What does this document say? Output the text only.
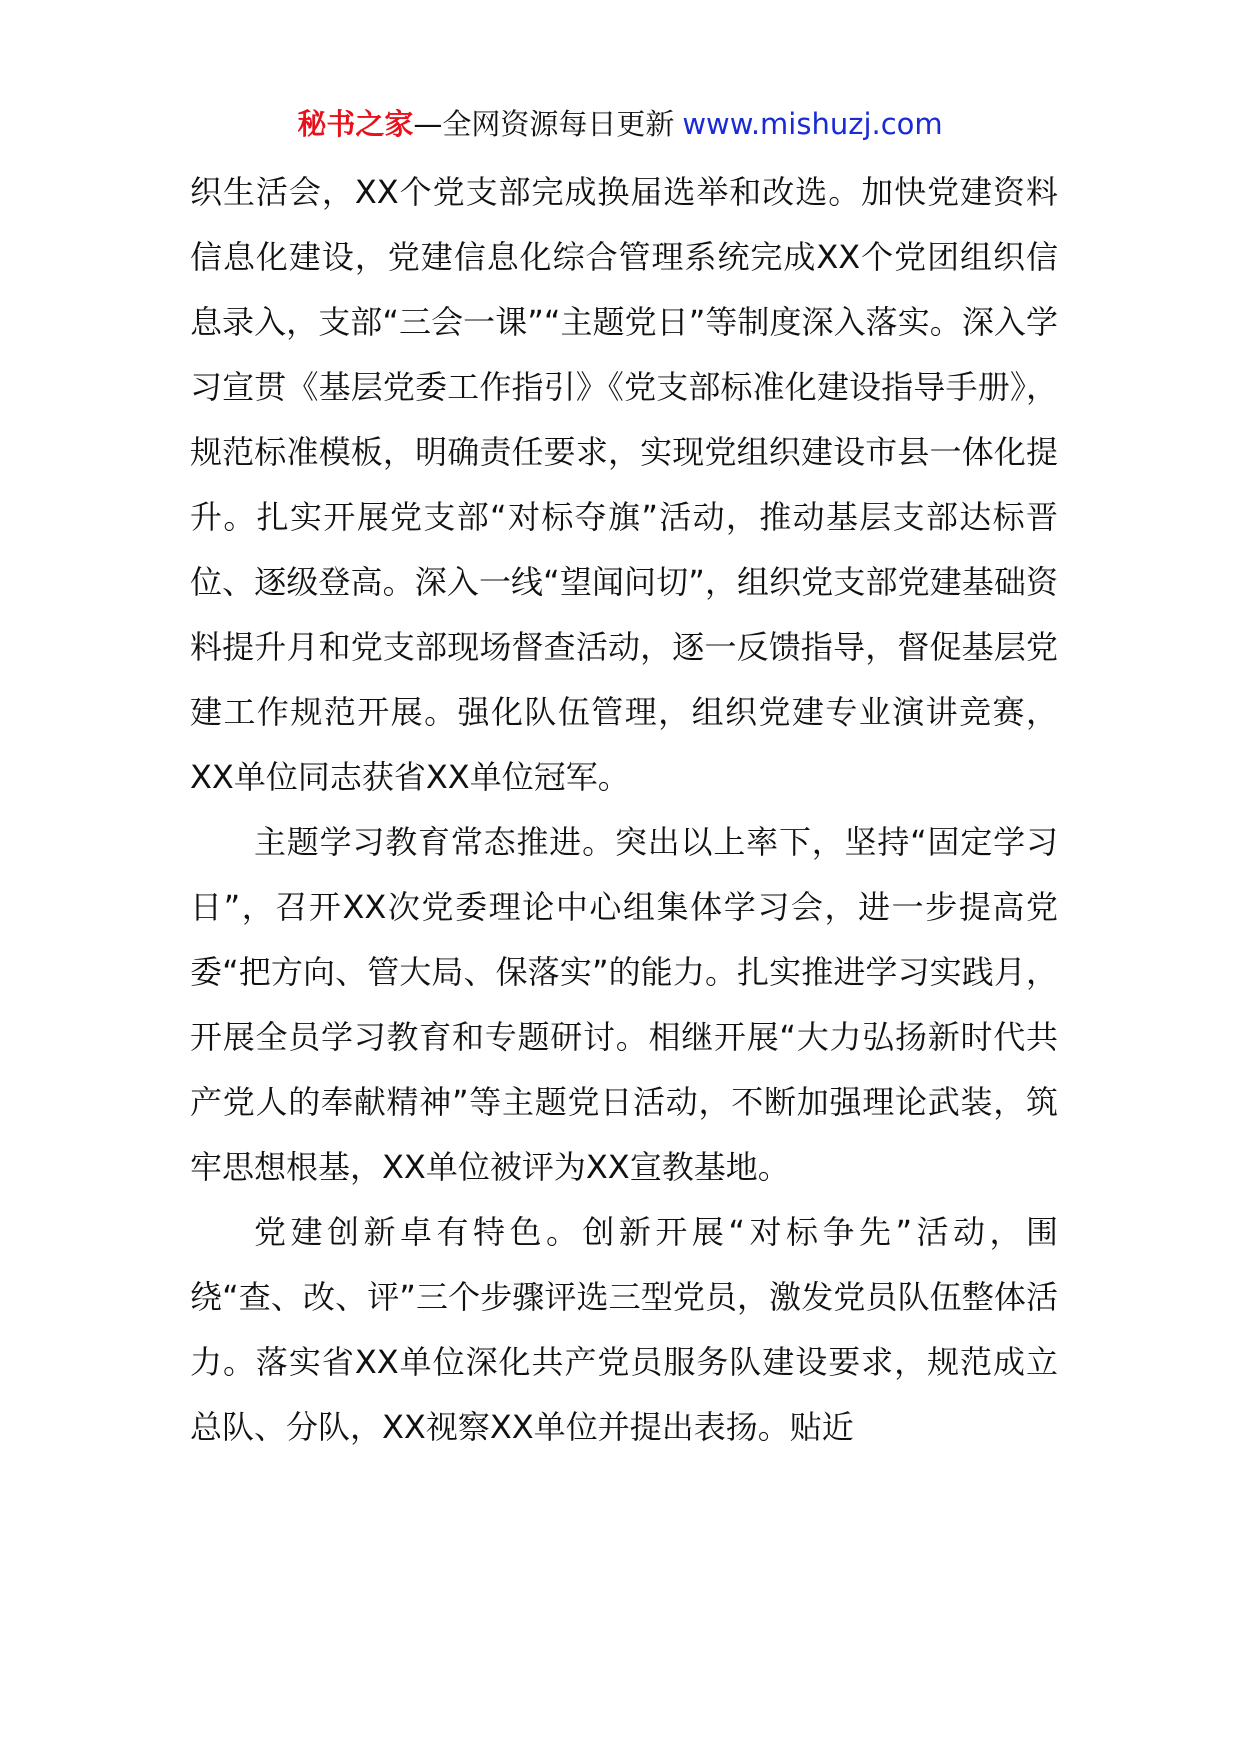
秘书之家—全网资源每日更新 www.mishuzj.com

织生活会，XX个党支部完成换届选举和改选。加快党建资料信息化建设，党建信息化综合管理系统完成XX个党团组织信息录入，支部“三会一课”“主题党日”等制度深入落实。深入学习宣贯《基层党委工作指引》《党支部标准化建设指导手册》，规范标准模板，明确责任要求，实现党组织建设市县一体化提升。扎实开展党支部“对标夺旗”活动，推动基层支部达标晋位、逐级登高。深入一线“望闻问切”，组织党支部党建基础资料提升月和党支部现场督查活动，逐一反馈指导，督促基层党建工作规范开展。强化队伍管理，组织党建专业演讲竞赛，XX单位同志获省XX单位冠军。

主题学习教育常态推进。突出以上率下，坚持“固定学习日”，召开XX次党委理论中心组集体学习会，进一步提高党委“把方向、管大局、保落实”的能力。扎实推进学习实践月，开展全员学习教育和专题研讨。相继开展“大力弘扬新时代共产党人的奉献精神”等主题党日活动，不断加强理论武装，筑牢思想根基，XX单位被评为XX宣教基地。

党建创新卓有特色。创新开展“对标争先”活动，围绕“查、改、评”三个步骤评选三型党员，激发党员队伍整体活力。落实省XX单位深化共产党员服务队建设要求，规范成立总队、分队，XX视察XX单位并提出表扬。贴近
